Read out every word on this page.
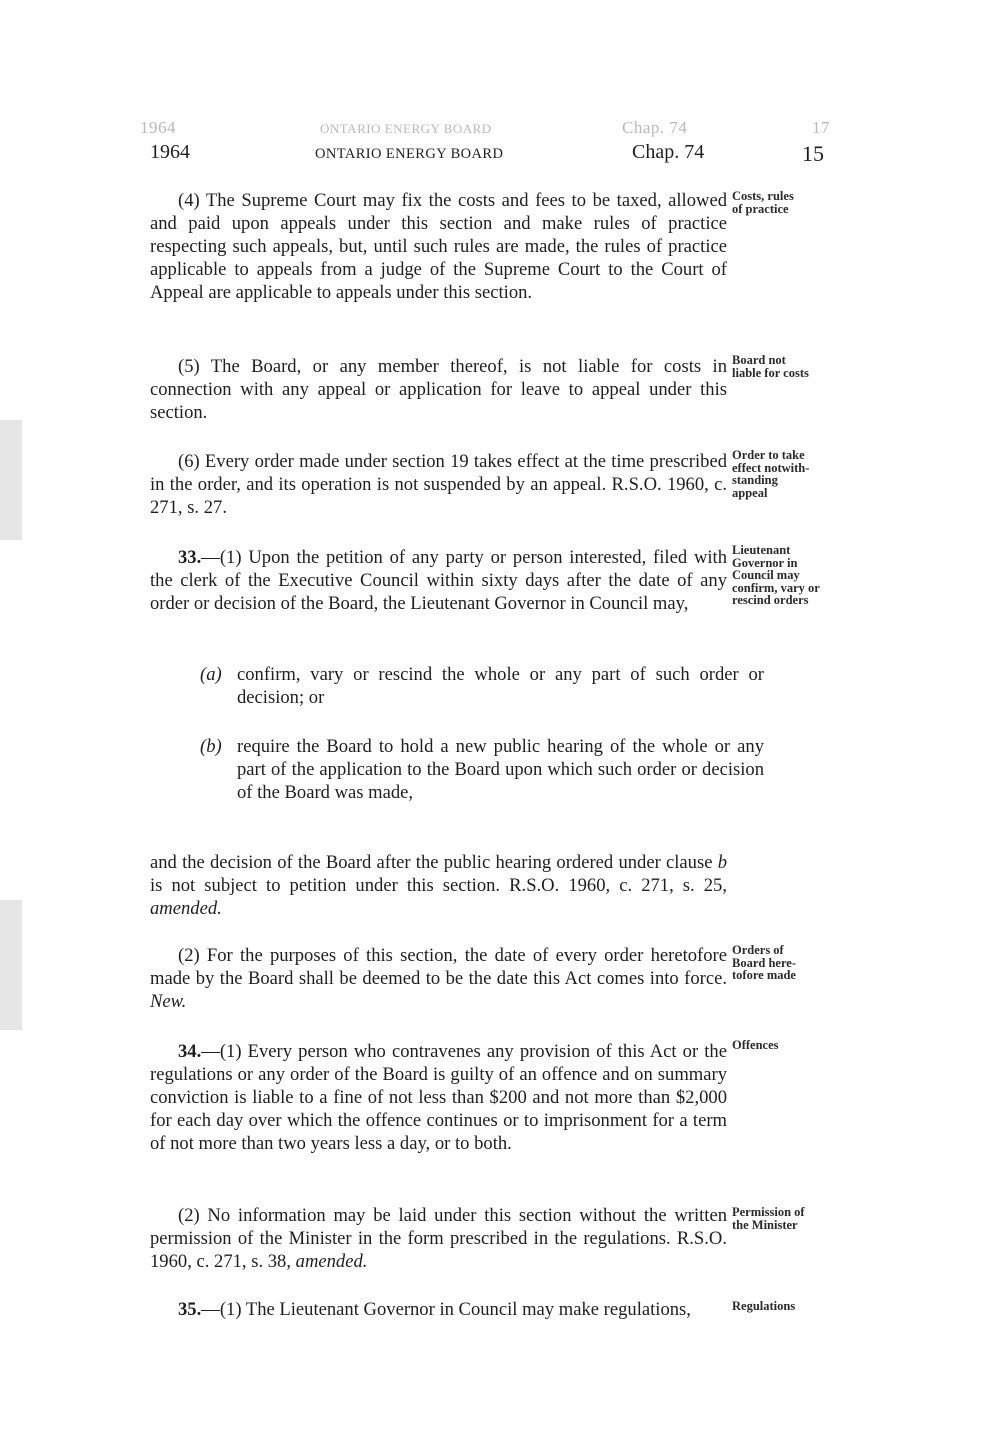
1964	ONTARIO ENERGY BOARD	Chap. 74	17
1964	ONTARIO ENERGY BOARD	Chap. 74	15
(4) The Supreme Court may fix the costs and fees to be taxed, allowed and paid upon appeals under this section and make rules of practice respecting such appeals, but, until such rules are made, the rules of practice applicable to appeals from a judge of the Supreme Court to the Court of Appeal are applicable to appeals under this section.
Costs, rules of practice
(5) The Board, or any member thereof, is not liable for costs in connection with any appeal or application for leave to appeal under this section.
Board not liable for costs
(6) Every order made under section 19 takes effect at the time prescribed in the order, and its operation is not suspended by an appeal. R.S.O. 1960, c. 271, s. 27.
Order to take effect notwith-standing appeal
33.—(1) Upon the petition of any party or person interested, filed with the clerk of the Executive Council within sixty days after the date of any order or decision of the Board, the Lieutenant Governor in Council may,
Lieutenant Governor in Council may confirm, vary or rescind orders
(a) confirm, vary or rescind the whole or any part of such order or decision; or
(b) require the Board to hold a new public hearing of the whole or any part of the application to the Board upon which such order or decision of the Board was made,
and the decision of the Board after the public hearing ordered under clause b is not subject to petition under this section. R.S.O. 1960, c. 271, s. 25, amended.
(2) For the purposes of this section, the date of every order heretofore made by the Board shall be deemed to be the date this Act comes into force. New.
Orders of Board here-tofore made
34.—(1) Every person who contravenes any provision of this Act or the regulations or any order of the Board is guilty of an offence and on summary conviction is liable to a fine of not less than $200 and not more than $2,000 for each day over which the offence continues or to imprisonment for a term of not more than two years less a day, or to both.
Offences
(2) No information may be laid under this section without the written permission of the Minister in the form prescribed in the regulations. R.S.O. 1960, c. 271, s. 38, amended.
Permission of the Minister
35.—(1) The Lieutenant Governor in Council may make regulations,	Regulations
